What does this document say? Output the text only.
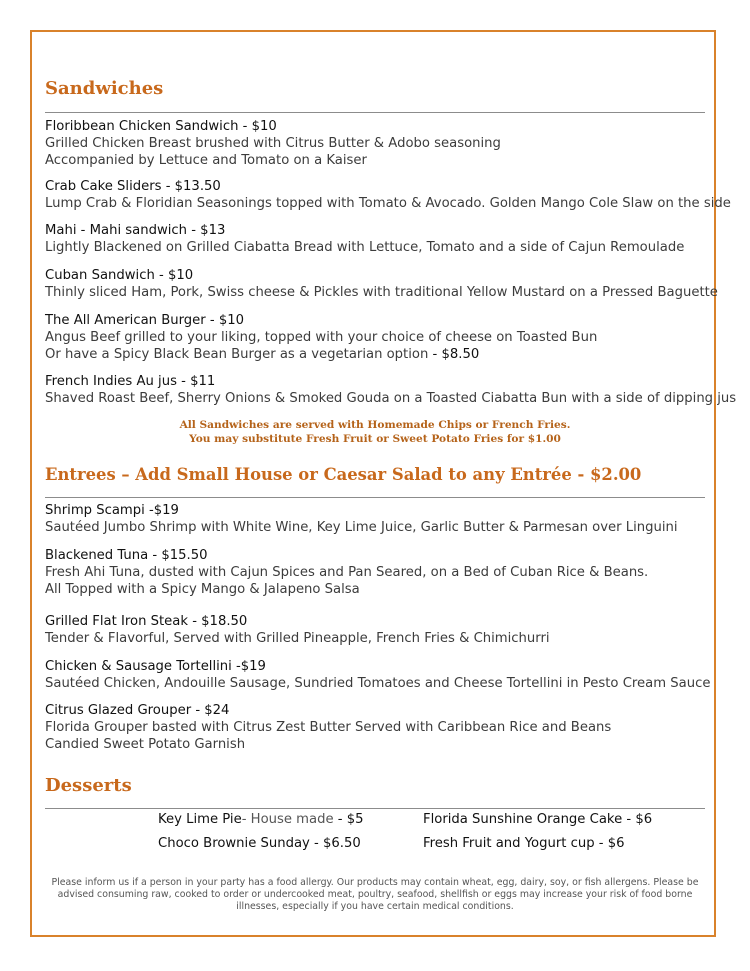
Sandwiches
Floribbean Chicken Sandwich - $10
Grilled Chicken Breast brushed with Citrus Butter & Adobo seasoning
Accompanied by Lettuce and Tomato on a Kaiser
Crab Cake Sliders - $13.50
Lump Crab & Floridian Seasonings topped with Tomato & Avocado. Golden Mango Cole Slaw on the side
Mahi - Mahi sandwich - $13
Lightly Blackened on Grilled Ciabatta Bread with Lettuce, Tomato and a side of Cajun Remoulade
Cuban Sandwich - $10
Thinly sliced Ham, Pork, Swiss cheese & Pickles with traditional Yellow Mustard on a Pressed Baguette
The All American Burger - $10
Angus Beef grilled to your liking, topped with your choice of cheese on Toasted Bun
Or have a Spicy Black Bean Burger as a vegetarian option - $8.50
French Indies Au jus - $11
Shaved Roast Beef, Sherry Onions & Smoked Gouda on a Toasted Ciabatta Bun with a side of dipping jus
All Sandwiches are served with Homemade Chips or French Fries.
You may substitute Fresh Fruit or Sweet Potato Fries for $1.00
Entrees – Add Small House or Caesar Salad to any Entrée - $2.00
Shrimp Scampi -$19
Sautéed Jumbo Shrimp with White Wine, Key Lime Juice, Garlic Butter & Parmesan over Linguini
Blackened Tuna - $15.50
Fresh Ahi Tuna, dusted with Cajun Spices and Pan Seared, on a Bed of Cuban Rice & Beans.
All Topped with a Spicy Mango & Jalapeno Salsa
Grilled Flat Iron Steak - $18.50
Tender & Flavorful, Served with Grilled Pineapple, French Fries & Chimichurri
Chicken & Sausage Tortellini -$19
Sautéed Chicken, Andouille Sausage, Sundried Tomatoes and Cheese Tortellini in Pesto Cream Sauce
Citrus Glazed Grouper - $24
Florida Grouper basted with Citrus Zest Butter Served with Caribbean Rice and Beans
Candied Sweet Potato Garnish
Desserts
Key Lime Pie- House made - $5	Florida Sunshine Orange Cake - $6
Choco Brownie Sunday - $6.50	Fresh Fruit and Yogurt cup - $6
Please inform us if a person in your party has a food allergy. Our products may contain wheat, egg, dairy, soy, or fish allergens. Please be advised consuming raw, cooked to order or undercooked meat, poultry, seafood, shellfish or eggs may increase your risk of food borne illnesses, especially if you have certain medical conditions.
